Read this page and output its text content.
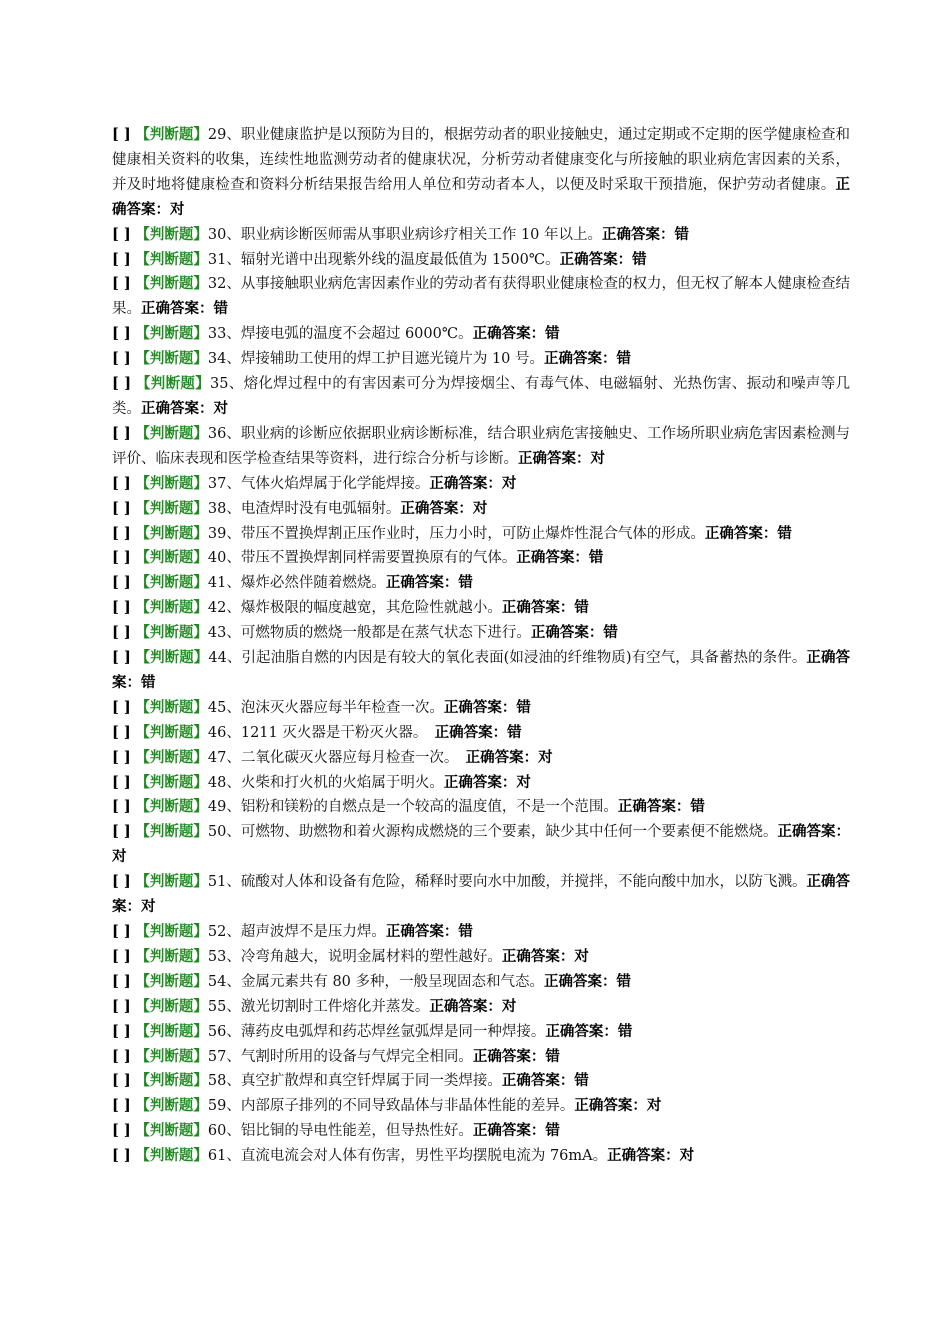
[ ] 【判断题】29、职业健康监护是以预防为目的，根据劳动者的职业接触史，通过定期或不定期的医学健康检查和健康相关资料的收集，连续性地监测劳动者的健康状况，分析劳动者健康变化与所接触的职业病危害因素的关系，并及时地将健康检查和资料分析结果报告给用人单位和劳动者本人，以便及时采取干预措施，保护劳动者健康。正确答案：对

[ ] 【判断题】30、职业病诊断医师需从事职业病诊疗相关工作 10 年以上。正确答案：错

[ ] 【判断题】31、辐射光谱中出现紫外线的温度最低值为 1500℃。正确答案：错

[ ] 【判断题】32、从事接触职业病危害因素作业的劳动者有获得职业健康检查的权力，但无权了解本人健康检查结果。正确答案：错

[ ] 【判断题】33、焊接电弧的温度不会超过 6000℃。正确答案：错

[ ] 【判断题】34、焊接辅助工使用的焊工护目遮光镜片为 10 号。正确答案：错

[ ] 【判断题】35、熔化焊过程中的有害因素可分为焊接烟尘、有毒气体、电磁辐射、光热伤害、振动和噪声等几类。正确答案：对

[ ] 【判断题】36、职业病的诊断应依据职业病诊断标准，结合职业病危害接触史、工作场所职业病危害因素检测与评价、临床表现和医学检查结果等资料，进行综合分析与诊断。正确答案：对

[ ] 【判断题】37、气体火焰焊属于化学能焊接。正确答案：对

[ ] 【判断题】38、电渣焊时没有电弧辐射。正确答案：对

[ ] 【判断题】39、带压不置换焊割正压作业时，压力小时，可防止爆炸性混合气体的形成。正确答案：错

[ ] 【判断题】40、带压不置换焊割同样需要置换原有的气体。正确答案：错

[ ] 【判断题】41、爆炸必然伴随着燃烧。正确答案：错

[ ] 【判断题】42、爆炸极限的幅度越宽，其危险性就越小。正确答案：错

[ ] 【判断题】43、可燃物质的燃烧一般都是在蒸气状态下进行。正确答案：错

[ ] 【判断题】44、引起油脂自燃的内因是有较大的氧化表面(如浸油的纤维物质)有空气，具备蓄热的条件。正确答案：错

[ ] 【判断题】45、泡沫灭火器应每半年检查一次。正确答案：错

[ ] 【判断题】46、1211 灭火器是干粉灭火器。　正确答案：错

[ ] 【判断题】47、二氧化碳灭火器应每月检查一次。　正确答案：对

[ ] 【判断题】48、火柴和打火机的火焰属于明火。正确答案：对

[ ] 【判断题】49、铝粉和镁粉的自燃点是一个较高的温度值，不是一个范围。正确答案：错

[ ] 【判断题】50、可燃物、助燃物和着火源构成燃烧的三个要素，缺少其中任何一个要素便不能燃烧。正确答案：对

[ ] 【判断题】51、硫酸对人体和设备有危险，稀释时要向水中加酸，并搅拌，不能向酸中加水，以防飞溅。正确答案：对

[ ] 【判断题】52、超声波焊不是压力焊。正确答案：错

[ ] 【判断题】53、冷弯角越大，说明金属材料的塑性越好。正确答案：对

[ ] 【判断题】54、金属元素共有 80 多种，一般呈现固态和气态。正确答案：错

[ ] 【判断题】55、激光切割时工件熔化并蒸发。正确答案：对

[ ] 【判断题】56、薄药皮电弧焊和药芯焊丝氩弧焊是同一种焊接。正确答案：错

[ ] 【判断题】57、气割时所用的设备与气焊完全相同。正确答案：错

[ ] 【判断题】58、真空扩散焊和真空钎焊属于同一类焊接。正确答案：错

[ ] 【判断题】59、内部原子排列的不同导致晶体与非晶体性能的差异。正确答案：对

[ ] 【判断题】60、铝比铜的导电性能差，但导热性好。正确答案：错

[ ] 【判断题】61、直流电流会对人体有伤害，男性平均摆脱电流为 76mA。正确答案：对
